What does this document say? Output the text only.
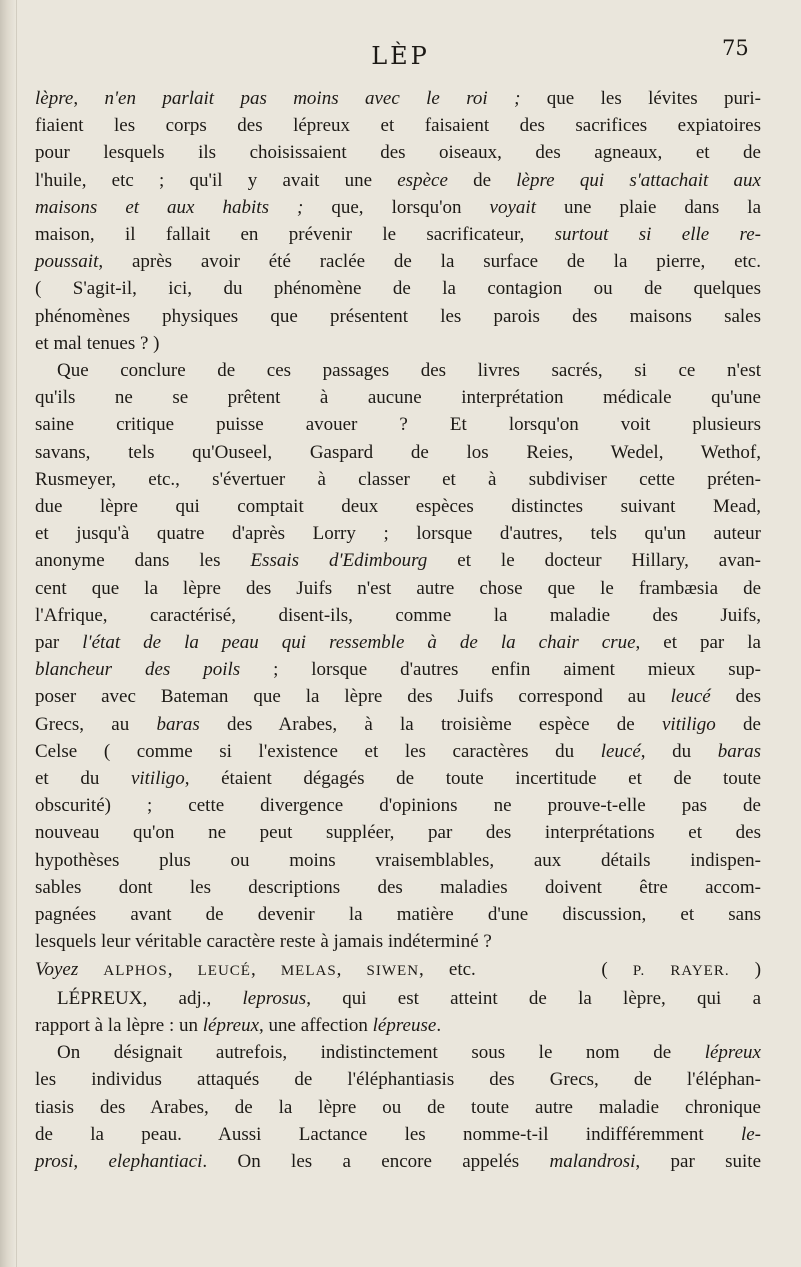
LÈP	75
lèpre, n'en parlait pas moins avec le roi ; que les lévites puri-
fiaient les corps des lépreux et faisaient des sacrifices expiatoires
pour lesquels ils choisissaient des oiseaux, des agneaux, et de
l'huile, etc ; qu'il y avait une espèce de lèpre qui s'attachait aux
maisons et aux habits ; que, lorsqu'on voyait une plaie dans la
maison, il fallait en prévenir le sacrificateur, surtout si elle re-
poussait, après avoir été raclée de la surface de la pierre, etc.
( S'agit-il, ici, du phénomène de la contagion ou de quelques
phénomènes physiques que présentent les parois des maisons sales
et mal tenues ? )
Que conclure de ces passages des livres sacrés, si ce n'est
qu'ils ne se prêtent à aucune interprétation médicale qu'une
saine critique puisse avouer ? Et lorsqu'on voit plusieurs
savans, tels qu'Ouseel, Gaspard de los Reies, Wedel, Wethof,
Rusmeyer, etc., s'évertuer à classer et à subdiviser cette préten-
due lèpre qui comptait deux espèces distinctes suivant Mead,
et jusqu'à quatre d'après Lorry ; lorsque d'autres, tels qu'un auteur
anonyme dans les Essais d'Edimbourg et le docteur Hillary, avan-
cent que la lèpre des Juifs n'est autre chose que le frambæsia de
l'Afrique, caractérisé, disent-ils, comme la maladie des Juifs,
par l'état de la peau qui ressemble à de la chair crue, et par la
blancheur des poils ; lorsque d'autres enfin aiment mieux sup-
poser avec Bateman que la lèpre des Juifs correspond au leucé des
Grecs, au baras des Arabes, à la troisième espèce de vitiligo de
Celse ( comme si l'existence et les caractères du leucé, du baras
et du vitiligo, étaient dégagés de toute incertitude et de toute
obscurité) ; cette divergence d'opinions ne prouve-t-elle pas de
nouveau qu'on ne peut suppléer, par des interprétations et des
hypothèses plus ou moins vraisemblables, aux détails indispen-
sables dont les descriptions des maladies doivent être accom-
pagnées avant de devenir la matière d'une discussion, et sans
lesquels leur véritable caractère reste à jamais indéterminé ?
Voyez ALPHOS, LEUCÉ, MELAS, SIWEN, etc.     ( P. RAYER. )
LÉPREUX, adj., leprosus, qui est atteint de la lèpre, qui a
rapport à la lèpre : un lépreux, une affection lépreuse.
On désignait autrefois, indistinctement sous le nom de lépreux
les individus attaqués de l'éléphantiasis des Grecs, de l'éléphan-
tiasis des Arabes, de la lèpre ou de toute autre maladie chronique
de la peau. Aussi Lactance les nomme-t-il indifféremment le-
prosi, elephantiaci. On les a encore appelés malandrosi, par suite
